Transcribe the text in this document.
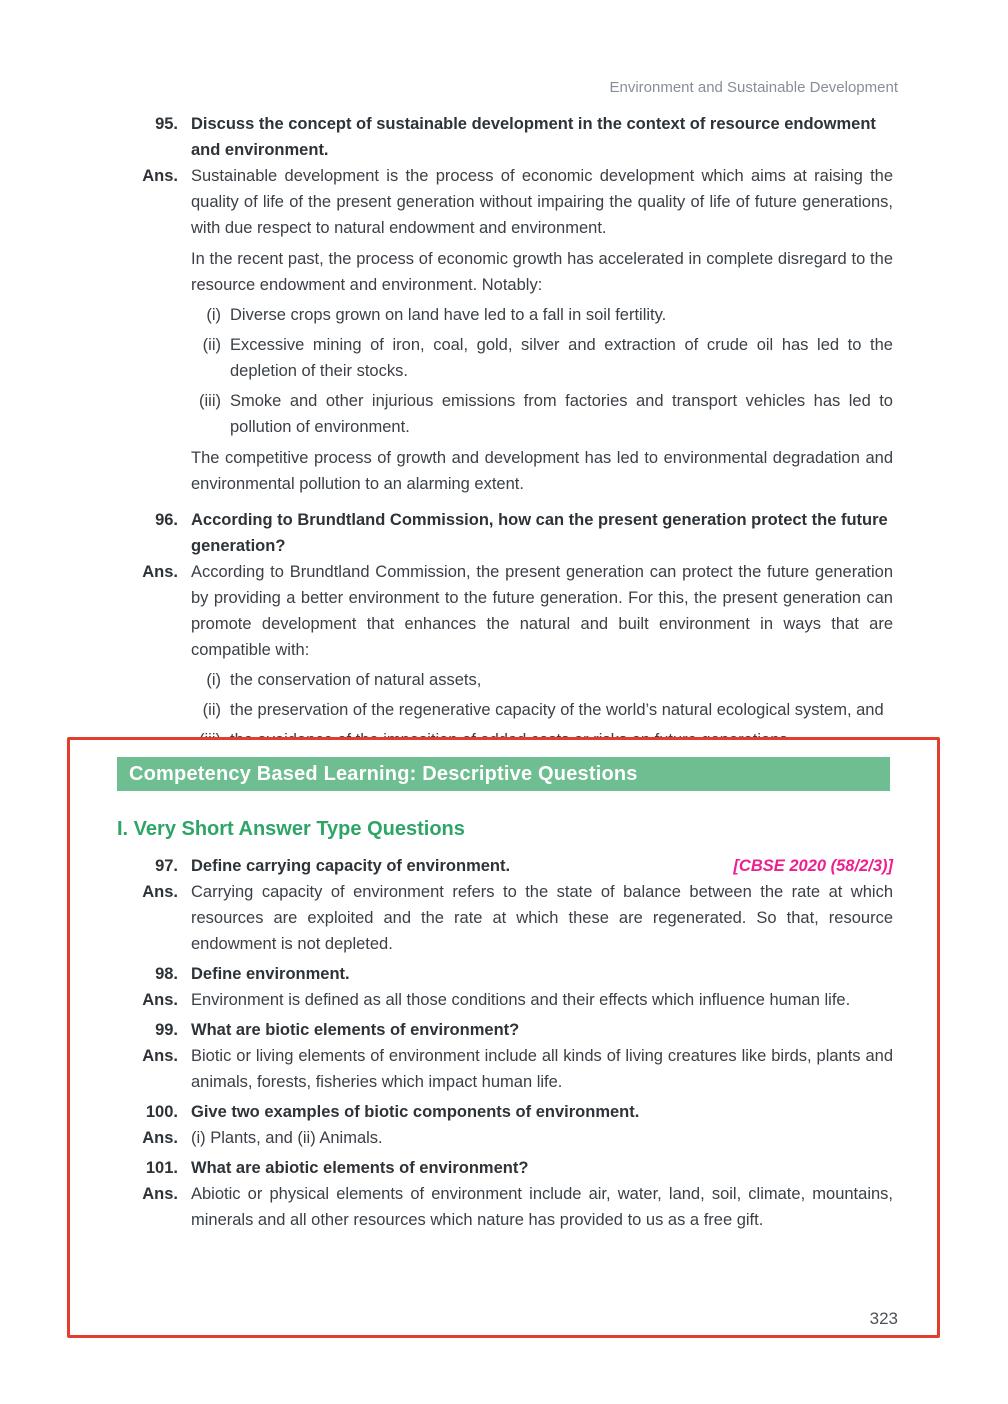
Environment and Sustainable Development
95. Discuss the concept of sustainable development in the context of resource endowment and environment.
Ans. Sustainable development is the process of economic development which aims at raising the quality of life of the present generation without impairing the quality of life of future generations, with due respect to natural endowment and environment.
In the recent past, the process of economic growth has accelerated in complete disregard to the resource endowment and environment. Notably:
(i) Diverse crops grown on land have led to a fall in soil fertility.
(ii) Excessive mining of iron, coal, gold, silver and extraction of crude oil has led to the depletion of their stocks.
(iii) Smoke and other injurious emissions from factories and transport vehicles has led to pollution of environment.
The competitive process of growth and development has led to environmental degradation and environmental pollution to an alarming extent.
96. According to Brundtland Commission, how can the present generation protect the future generation?
Ans. According to Brundtland Commission, the present generation can protect the future generation by providing a better environment to the future generation. For this, the present generation can promote development that enhances the natural and built environment in ways that are compatible with:
(i) the conservation of natural assets,
(ii) the preservation of the regenerative capacity of the world’s natural ecological system, and
Competency Based Learning: Descriptive Questions
I. Very Short Answer Type Questions
97. Define carrying capacity of environment.	[CBSE 2020 (58/2/3)]
Ans. Carrying capacity of environment refers to the state of balance between the rate at which resources are exploited and the rate at which these are regenerated. So that, resource endowment is not depleted.
98. Define environment.
Ans. Environment is defined as all those conditions and their effects which influence human life.
99. What are biotic elements of environment?
Ans. Biotic or living elements of environment include all kinds of living creatures like birds, plants and animals, forests, fisheries which impact human life.
100. Give two examples of biotic components of environment.
Ans. (i) Plants, and (ii) Animals.
101. What are abiotic elements of environment?
Ans. Abiotic or physical elements of environment include air, water, land, soil, climate, mountains, minerals and all other resources which nature has provided to us as a free gift.
323
